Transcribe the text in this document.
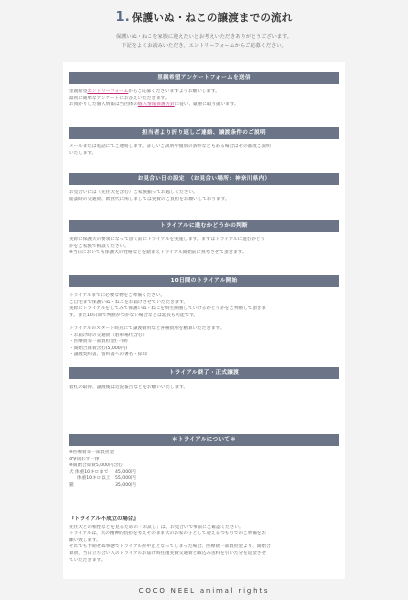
1. 保護いぬ・ねこの譲渡までの流れ
保護いぬ・ねこを家族に迎えたいとお考えいただきありがとうございます。
下記をよくお読みいただき、エントリーフォームからご応募ください。
里親希望アンケートフォームを送信

里親希望エントリーフォームからご応募くださいますようお願いします。

最初に簡単なアンケートにお答えいただきます。

お預かりした個人情報は当団体の個人情報保護方針に従い、厳重に取り扱います。

担当者より折り返しご連絡、譲渡条件のご説明

メールまたは電話にてご連絡します。詳しいご説明や個別の条件などもある場合はその都度ご説明

いたします。

お見合い日の設定　（お見合い場所：神奈川県内）

お見合いには（先住犬を含む）ご家族揃ってお越しください。

面談時の交通費、飲食代に関しましては実費のご負担をお願いしております。

トライアルに進むかどうかの判断

実際に保護犬の要領になって頂く前にトライアルを実施します。まずはトライアルに進むかどう

かをご家族で相談ください。

※当日においても保護犬の性格などを踏まえトライアル開始前に熟考させて頂きます。

10日間のトライアル開始

トライアルまでに必要な物をご準備ください。

ご自宅まで保護いぬ・ねこをお届けさせていただきます。

実際にトライアルをしてみて保護いぬ・ねこを終生飼養していけるかどうかをご判断して頂きま

す。また10日間で判断がつかない場合などは延長も可能です。

トライアルのスタート時点にて譲渡費用など各種費用を精算いただきます。

・お届け時の交通費（駐車場代含む）

・医療費等一部負担金(一律)

・開始合算費含む(5,000円)

・譲渡契約書、誓約書への署名・捺印

トライアル終了・正式譲渡

着札の取得、譲渡後は近況報告などをお願いいたします。

＊トライアルについて＊

※医療費等一部負担金

♂♀問わず一律

※開始合算費5,000円含む

犬 体重10キロまで	45,000円
体重10キロ以上 55,000円
猫	35,000円

『トライアル不成立の場合』

先住犬との相性などを見るための「お試し」は、お見合いで事前にご確認ください。

トライアルは、犬の精神的負担を考えそのまま犬のお家の子として迎えるつもりでのご準備をお

願い致します。

それでも予期せぬ事態でトライアルが中止となってしまった場合、医療費一部負担金より、開始合

算費、当日立ち合い人のトライアルお届け時往復実費交通費と飯込み送料を引いた分を返金させ

ていただきます。

COCO NEEL animal rights
